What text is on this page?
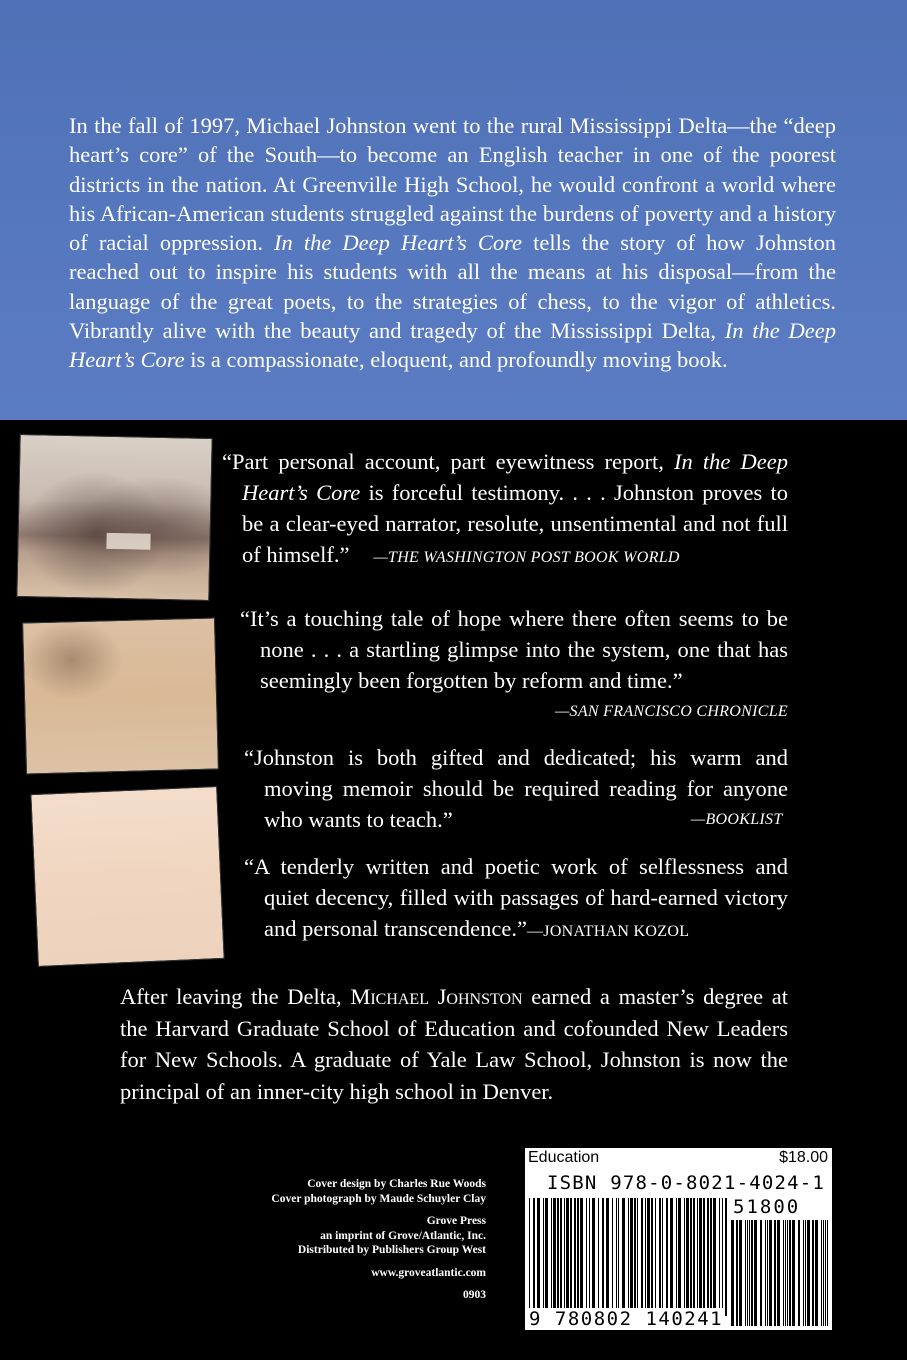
In the fall of 1997, Michael Johnston went to the rural Mississippi Delta—the “deep heart’s core” of the South—to become an English teacher in one of the poorest districts in the nation. At Greenville High School, he would confront a world where his African-American students struggled against the burdens of poverty and a history of racial oppression. In the Deep Heart’s Core tells the story of how Johnston reached out to inspire his students with all the means at his disposal—from the language of the great poets, to the strategies of chess, to the vigor of athletics. Vibrantly alive with the beauty and tragedy of the Mississippi Delta, In the Deep Heart’s Core is a compassionate, eloquent, and profoundly moving book.

“Part personal account, part eyewitness report, In the Deep Heart’s Core is forceful testimony. . . . Johnston proves to be a clear-eyed narrator, resolute, unsentimental and not full of himself.” —THE WASHINGTON POST BOOK WORLD

“It’s a touching tale of hope where there often seems to be none . . . a startling glimpse into the system, one that has seemingly been forgotten by reform and time.”

—SAN FRANCISCO CHRONICLE

“Johnston is both gifted and dedicated; his warm and moving memoir should be required reading for anyone who wants to teach.”	—BOOKLIST

“A tenderly written and poetic work of selflessness and quiet decency, filled with passages of hard-earned victory and personal transcendence.”—JONATHAN KOZOL

After leaving the Delta, Michael Johnston earned a master’s degree at the Harvard Graduate School of Education and cofounded New Leaders for New Schools. A graduate of Yale Law School, Johnston is now the principal of an inner-city high school in Denver.

Cover design by Charles Rue Woods
Cover photograph by Maude Schuyler Clay
Grove Press
an imprint of Grove/Atlantic, Inc.
Distributed by Publishers Group West
www.groveatlantic.com
0903
Education	$18.00
ISBN 978-0-8021-4024-1
51800
9 780802 140241
